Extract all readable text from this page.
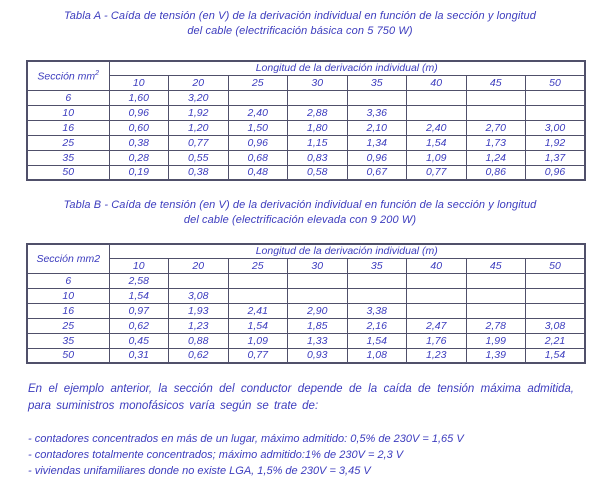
Tabla A - Caída de tensión (en V) de la derivación individual en función de la sección y longitud
del cable (electrificación básica con 5 750 W)
Sección $mm^2$	Longitud de la derivación individual (m)							
	10	20	25	30	35	40	45	50
6	1,60	3,20						
10	0,96	1,92	2,40	2,88	3,36			
16	0,60	1,20	1,50	1,80	2,10	2,40	2,70	3,00
25	0,38	0,77	0,96	1,15	1,34	1,54	1,73	1,92
35	0,28	0,55	0,68	0,83	0,96	1,09	1,24	1,37
50	0,19	0,38	0,48	0,58	0,67	0,77	0,86	0,96
Tabla B - Caída de tensión (en V) de la derivación individual en función de la sección y longitud
del cable (electrificación elevada con 9 200 W)
Sección mm2	Longitud de la derivación individual (m)							
	10	20	25	30	35	40	45	50
6	2,58							
10	1,54	3,08						
16	0,97	1,93	2,41	2,90	3,38			
25	0,62	1,23	1,54	1,85	2,16	2,47	2,78	3,08
35	0,45	0,88	1,09	1,33	1,54	1,76	1,99	2,21
50	0,31	0,62	0,77	0,93	1,08	1,23	1,39	1,54

En el ejemplo anterior, la sección del conductor depende de la caída de tensión máxima admitida, para suministros monofásicos varía según se trate de:

- contadores concentrados en más de un lugar, máximo admitido: 0,5% de 230V = 1,65 V
- contadores totalmente concentrados; máximo admitido:1% de 230V = 2,3 V
- viviendas unifamiliares donde no existe LGA, 1,5% de 230V = 3,45 V
